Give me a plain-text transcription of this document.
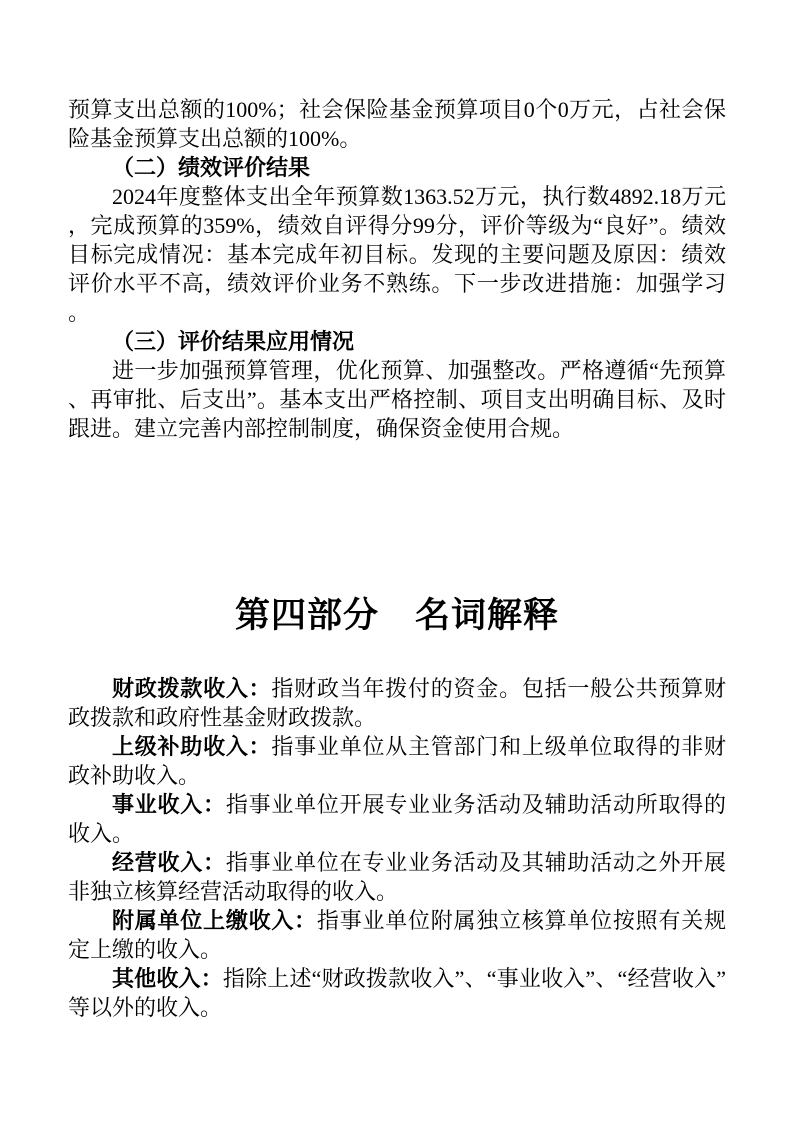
预算支出总额的100%；社会保险基金预算项目0个0万元，占社会保险基金预算支出总额的100%。

（二）绩效评价结果

2024年度整体支出全年预算数1363.52万元，执行数4892.18万元，完成预算的359%，绩效自评得分99分，评价等级为“良好”。绩效目标完成情况：基本完成年初目标。发现的主要问题及原因：绩效评价水平不高，绩效评价业务不熟练。下一步改进措施：加强学习。

（三）评价结果应用情况

进一步加强预算管理，优化预算、加强整改。严格遵循“先预算、再审批、后支出”。基本支出严格控制、项目支出明确目标、及时跟进。建立完善内部控制制度，确保资金使用合规。

第四部分　名词解释

财政拨款收入：指财政当年拨付的资金。包括一般公共预算财政拨款和政府性基金财政拨款。

上级补助收入：指事业单位从主管部门和上级单位取得的非财政补助收入。

事业收入：指事业单位开展专业业务活动及辅助活动所取得的收入。

经营收入：指事业单位在专业业务活动及其辅助活动之外开展非独立核算经营活动取得的收入。

附属单位上缴收入：指事业单位附属独立核算单位按照有关规定上缴的收入。

其他收入：指除上述“财政拨款收入”、“事业收入”、“经营收入”等以外的收入。
